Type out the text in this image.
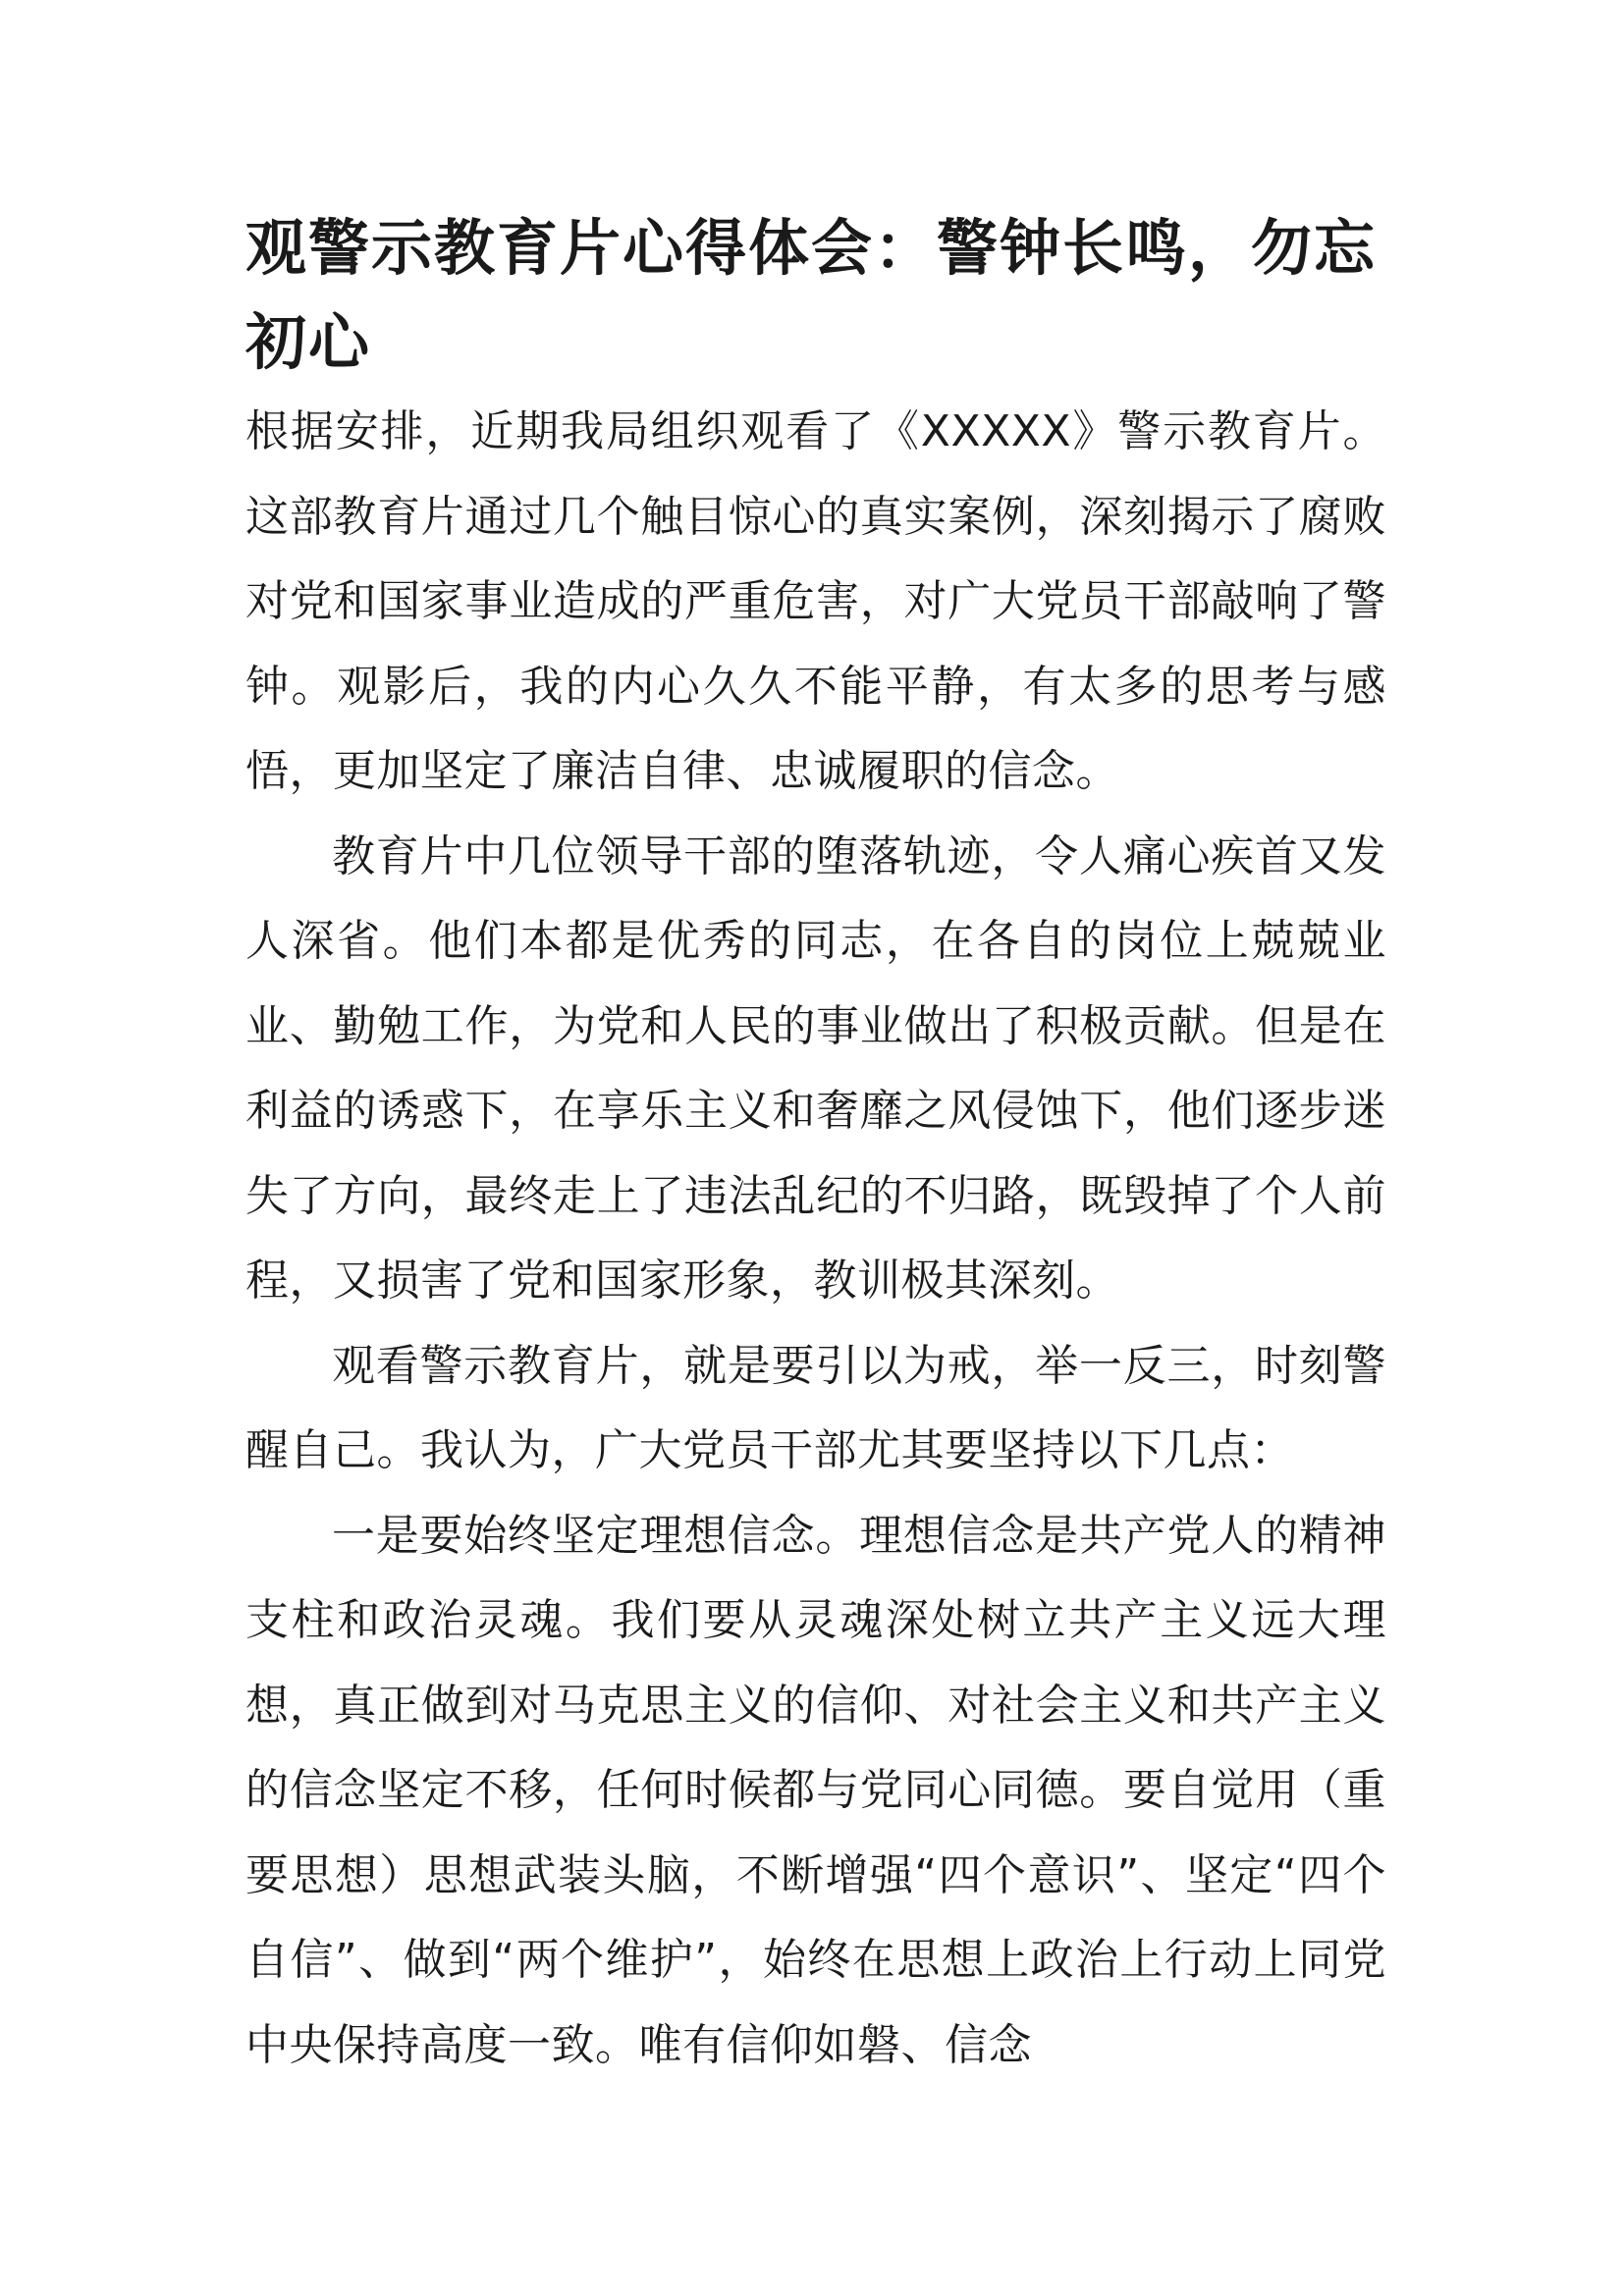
观警示教育片心得体会：警钟长鸣，勿忘初心

根据安排，近期我局组织观看了《XXXXX》警示教育片。这部教育片通过几个触目惊心的真实案例，深刻揭示了腐败对党和国家事业造成的严重危害，对广大党员干部敲响了警钟。观影后，我的内心久久不能平静，有太多的思考与感悟，更加坚定了廉洁自律、忠诚履职的信念。

教育片中几位领导干部的堕落轨迹，令人痛心疾首又发人深省。他们本都是优秀的同志，在各自的岗位上兢兢业业、勤勉工作，为党和人民的事业做出了积极贡献。但是在利益的诱惑下，在享乐主义和奢靡之风侵蚀下，他们逐步迷失了方向，最终走上了违法乱纪的不归路，既毁掉了个人前程，又损害了党和国家形象，教训极其深刻。

观看警示教育片，就是要引以为戒，举一反三，时刻警醒自己。我认为，广大党员干部尤其要坚持以下几点：

一是要始终坚定理想信念。理想信念是共产党人的精神支柱和政治灵魂。我们要从灵魂深处树立共产主义远大理想，真正做到对马克思主义的信仰、对社会主义和共产主义的信念坚定不移，任何时候都与党同心同德。要自觉用（重要思想）思想武装头脑，不断增强“四个意识”、坚定“四个自信”、做到“两个维护”，始终在思想上政治上行动上同党中央保持高度一致。唯有信仰如磐、信念
